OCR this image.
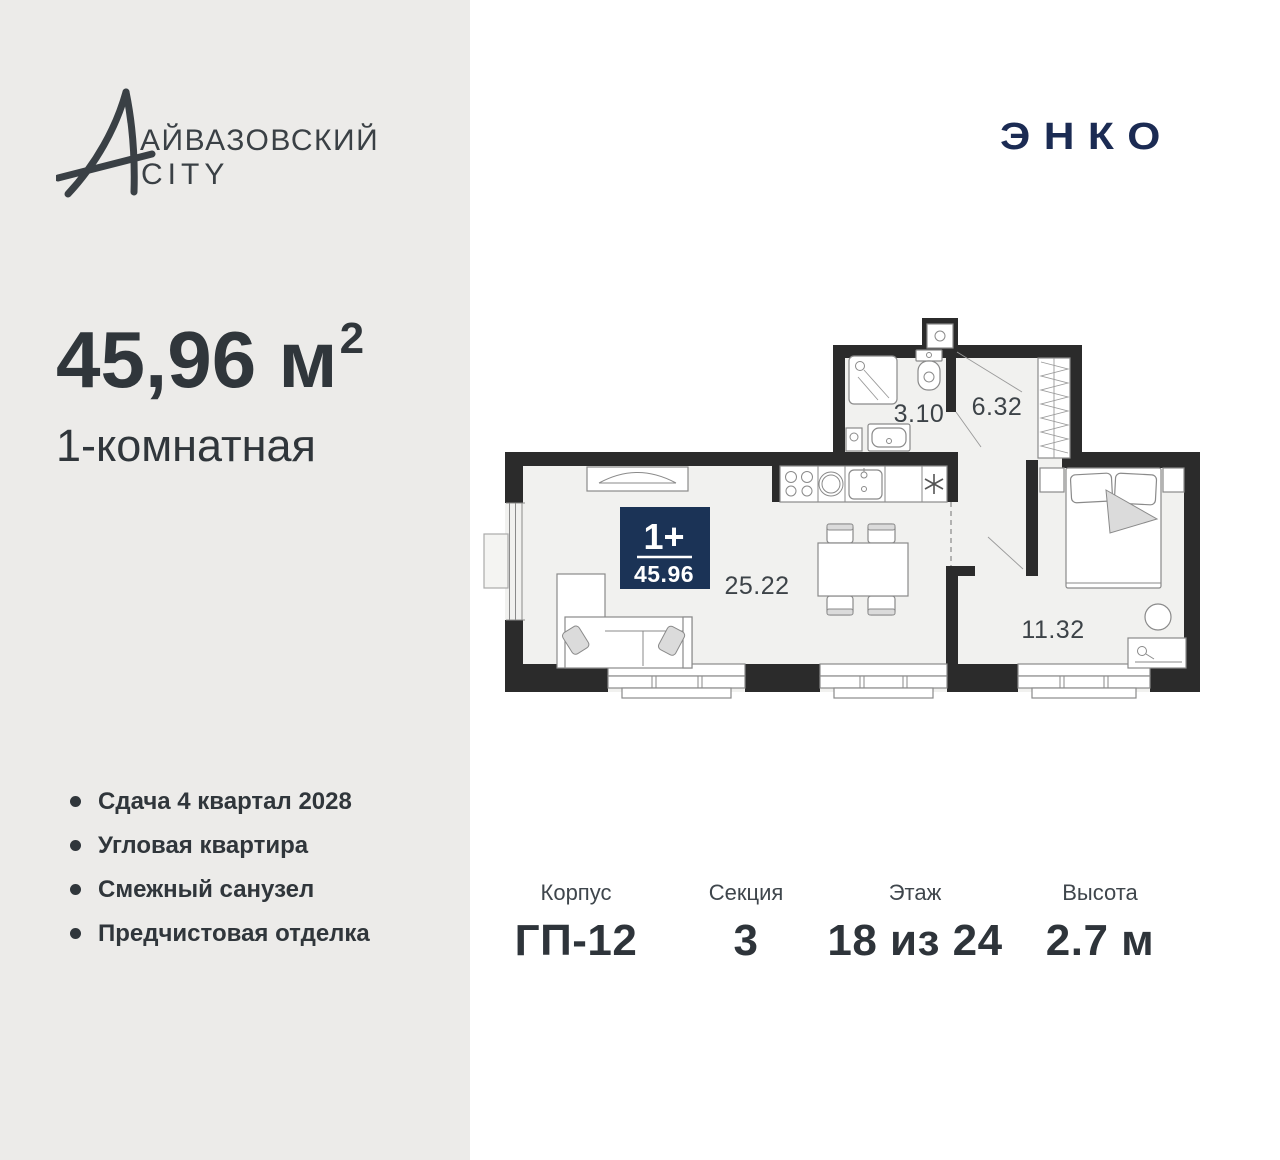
АЙВАЗОВСКИЙ
CITY
45,96 $м^2$
1-комнатная
Сдача 4 квартал 2028
Угловая квартира
Смежный санузел
Предчистовая отделка
ЭНКО
25.22
3.10 6.32
11.32
1+
45.96
Корпус
ГП-12
Секция
3
Этаж
18 из 24
Высота
2.7 м
